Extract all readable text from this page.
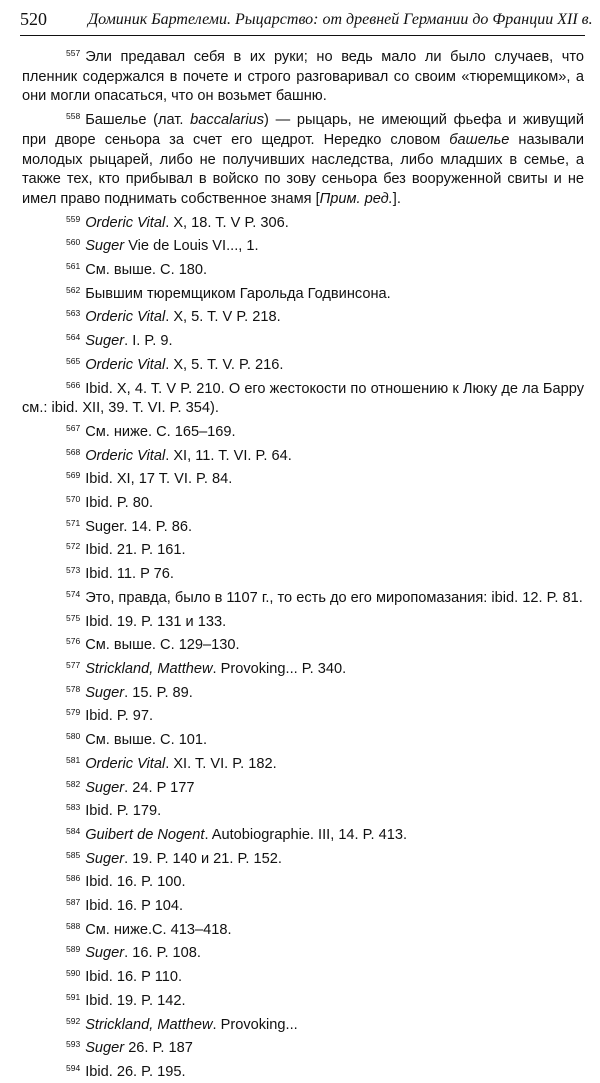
520	Доминик Бартелеми. Рыцарство: от древней Германии до Франции XII в.
$^{557}$ Эли предавал себя в их руки; но ведь мало ли было случаев, что пленник содержался в почете и строго разговаривал со своим «тюремщиком», а они могли опасаться, что он возьмет башню.
$^{558}$ Башелье (лат. baccalarius) — рыцарь, не имеющий фьефа и живущий при дворе сеньора за счет его щедрот. Нередко словом башелье называли молодых рыцарей, либо не получивших наследства, либо младших в семье, а также тех, кто прибывал в войско по зову сеньора без вооруженной свиты и не имел право поднимать собственное знамя [Прим. ред.].
$^{559}$ Orderic Vital. X, 18. T. V P. 306.
$^{560}$ Suger Vie de Louis VI..., 1.
$^{561}$ См. выше. С. 180.
$^{562}$ Бывшим тюремщиком Гарольда Годвинсона.
$^{563}$ Orderic Vital. X, 5. T. V P. 218.
$^{564}$ Suger. I. P. 9.
$^{565}$ Orderic Vital. X, 5. T. V. P. 216.
$^{566}$ Ibid. X, 4. T. V P. 210. О его жестокости по отношению к Люку де ла Барру см.: ibid. XII, 39. T. VI. P. 354).
$^{567}$ См. ниже. С. 165–169.
$^{568}$ Orderic Vital. XI, 11. T. VI. P. 64.
$^{569}$ Ibid. XI, 17 T. VI. P. 84.
$^{570}$ Ibid. P. 80.
$^{571}$ Suger. 14. P. 86.
$^{572}$ Ibid. 21. P. 161.
$^{573}$ Ibid. 11. P 76.
$^{574}$ Это, правда, было в 1107 г., то есть до его миропомазания: ibid. 12. P. 81.
$^{575}$ Ibid. 19. P. 131 и 133.
$^{576}$ См. выше. С. 129–130.
$^{577}$ Strickland, Matthew. Provoking... P. 340.
$^{578}$ Suger. 15. P. 89.
$^{579}$ Ibid. P. 97.
$^{580}$ См. выше. С. 101.
$^{581}$ Orderic Vital. XI. T. VI. P. 182.
$^{582}$ Suger. 24. P 177
$^{583}$ Ibid. P. 179.
$^{584}$ Guibert de Nogent. Autobiographie. III, 14. P. 413.
$^{585}$ Suger. 19. P. 140 и 21. P. 152.
$^{586}$ Ibid. 16. P. 100.
$^{587}$ Ibid. 16. P 104.
$^{588}$ См. ниже.С. 413–418.
$^{589}$ Suger. 16. P. 108.
$^{590}$ Ibid. 16. P 110.
$^{591}$ Ibid. 19. P. 142.
$^{592}$ Strickland, Matthew. Provoking...
$^{593}$ Suger 26. P. 187
$^{594}$ Ibid. 26. P. 195.
